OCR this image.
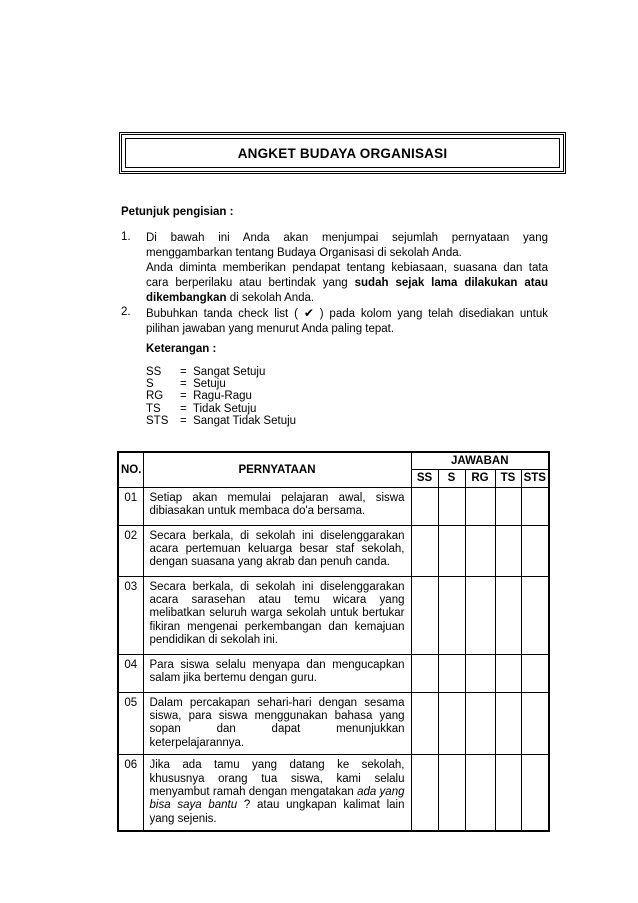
ANGKET BUDAYA ORGANISASI
Petunjuk pengisian :
1. Di bawah ini Anda akan menjumpai sejumlah pernyataan yang menggambarkan tentang Budaya Organisasi di sekolah Anda.
Anda diminta memberikan pendapat tentang kebiasaan, suasana dan tata cara berperilaku atau bertindak yang sudah sejak lama dilakukan atau dikembangkan di sekolah Anda.
2. Bubuhkan tanda check list ( ✔ ) pada kolom yang telah disediakan untuk pilihan jawaban yang menurut Anda paling tepat.
Keterangan :
SS	=  Sangat Setuju
S	=  Setuju
RG	=  Ragu-Ragu
TS	=  Tidak Setuju
STS	=  Sangat Tidak Setuju
NO.	PERNYATAAN	JAWABAN				
		SS	S	RG	TS	STS
01	Setiap akan memulai pelajaran awal, siswa dibiasakan untuk membaca do'a bersama.					
02	Secara berkala, di sekolah ini diselenggarakan acara pertemuan keluarga besar staf sekolah, dengan suasana yang akrab dan penuh canda.					
03	Secara berkala, di sekolah ini diselenggarakan acara sarasehan atau temu wicara yang melibatkan seluruh warga sekolah untuk bertukar fikiran mengenai perkembangan dan kemajuan pendidikan di sekolah ini.					
04	Para siswa selalu menyapa dan mengucapkan salam jika bertemu dengan guru.					
05	Dalam percakapan sehari-hari dengan sesama siswa, para siswa menggunakan bahasa yang sopan dan dapat menunjukkan keterpelajarannya.					
06	Jika ada tamu yang datang ke sekolah, khususnya orang tua siswa, kami selalu menyambut ramah dengan mengatakan ada yang bisa saya bantu ? atau ungkapan kalimat lain yang sejenis.					
